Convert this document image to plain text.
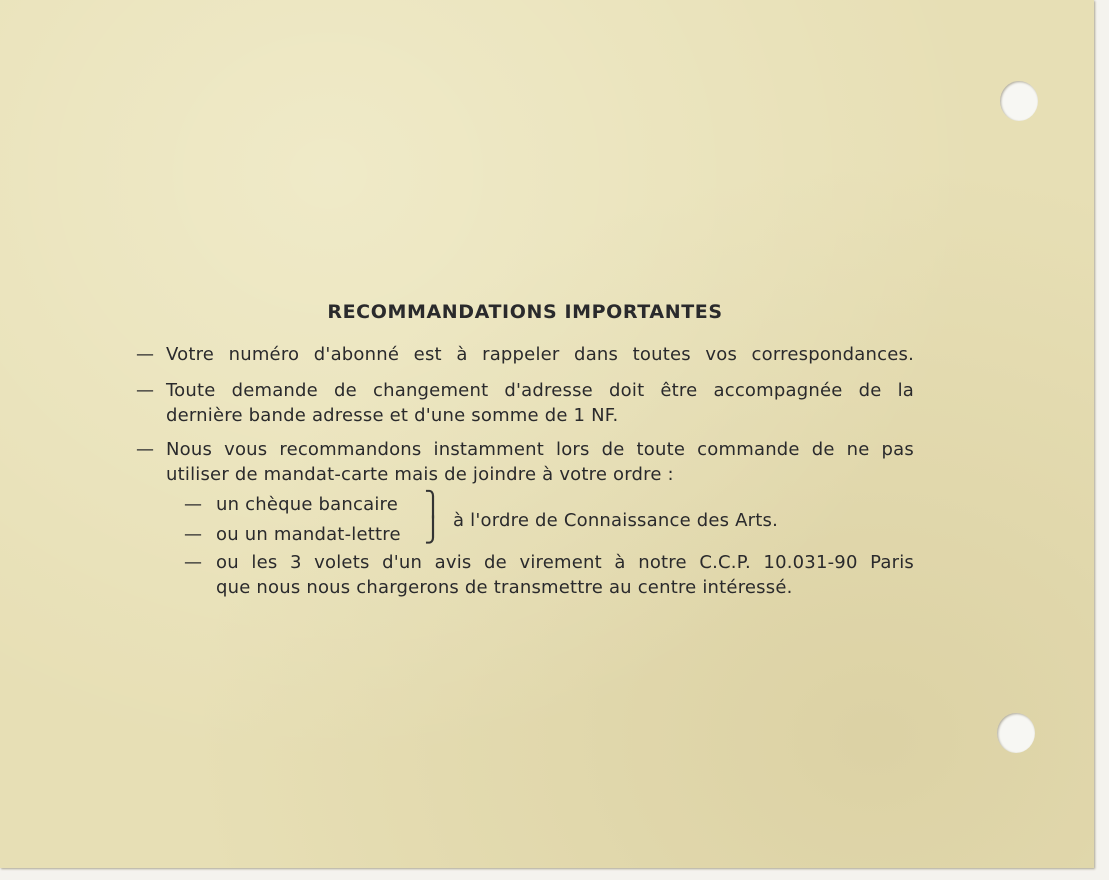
RECOMMANDATIONS IMPORTANTES
— Votre numéro d'abonné est à rappeler dans toutes vos correspondances.
— Toute demande de changement d'adresse doit être accompagnée de la
dernière bande adresse et d'une somme de 1 NF.
— Nous vous recommandons instamment lors de toute commande de ne pas
utiliser de mandat-carte mais de joindre à votre ordre :
— un chèque bancaire
— ou un mandat-lettre
⎫
⎭ à l'ordre de Connaissance des Arts.
— ou les 3 volets d'un avis de virement à notre C.C.P. 10.031-90 Paris
que nous nous chargerons de transmettre au centre intéressé.
